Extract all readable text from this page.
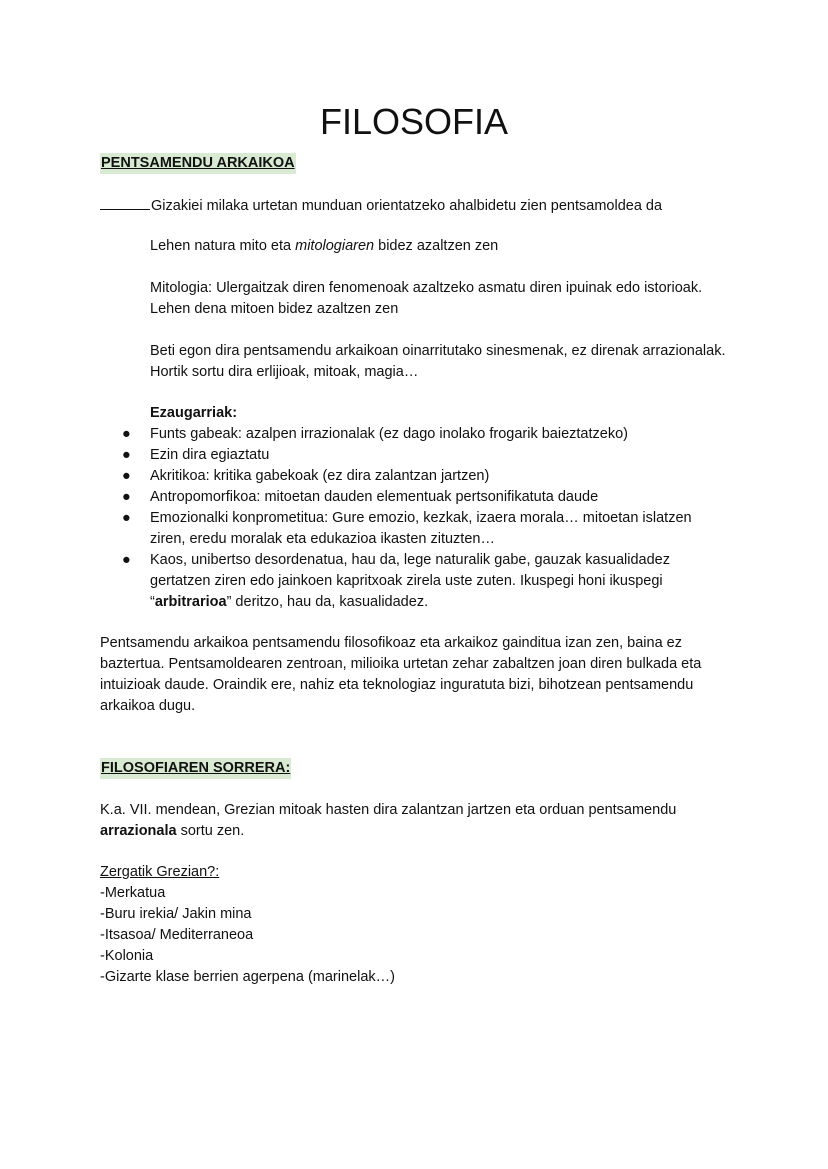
FILOSOFIA
PENTSAMENDU ARKAIKOA

Gizakiei milaka urtetan munduan orientatzeko ahalbidetu zien pentsamoldea da

Lehen natura mito eta mitologiaren bidez azaltzen zen

Mitologia: Ulergaitzak diren fenomenoak azaltzeko asmatu diren ipuinak edo istorioak. Lehen dena mitoen bidez azaltzen zen

Beti egon dira pentsamendu arkaikoan oinarritutako sinesmenak, ez direnak arrazionalak. Hortik sortu dira erlijioak, mitoak, magia…

Ezaugarriak:

● Funts gabeak: azalpen irrazionalak (ez dago inolako frogarik baieztatzeko)
● Ezin dira egiaztatu
● Akritikoa: kritika gabekoak (ez dira zalantzan jartzen)
● Antropomorfikoa: mitoetan dauden elementuak pertsonifikatuta daude
● Emozionalki konprometitua: Gure emozio, kezkak, izaera morala… mitoetan islatzen ziren, eredu moralak eta edukazioa ikasten zituzten…
● Kaos, unibertso desordenatua, hau da, lege naturalik gabe, gauzak kasualidadez gertatzen ziren edo jainkoen kapritxoak zirela uste zuten. Ikuspegi honi ikuspegi “arbitrarioa” deritzo, hau da, kasualidadez.

Pentsamendu arkaikoa pentsamendu filosofikoaz eta arkaikoz gainditua izan zen, baina ez baztertua. Pentsamoldearen zentroan, milioika urtetan zehar zabaltzen joan diren bulkada eta intuizioak daude. Oraindik ere, nahiz eta teknologiaz inguratuta bizi, bihotzean pentsamendu arkaikoa dugu.

FILOSOFIAREN SORRERA:

K.a. VII. mendean, Grezian mitoak hasten dira zalantzan jartzen eta orduan pentsamendu arrazionala sortu zen.

Zergatik Grezian?:

-Merkatua
-Buru irekia/ Jakin mina
-Itsasoa/ Mediterraneoa
-Kolonia
-Gizarte klase berrien agerpena (marinelak…)
